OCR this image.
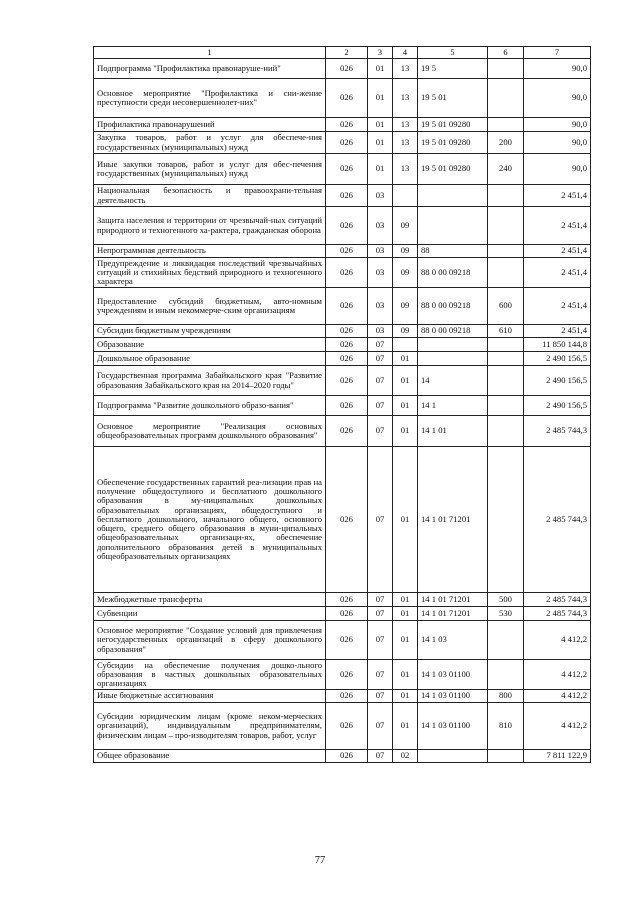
1	2	3	4	5	6	7
Подпрограмма "Профилактика правонаруше-ний"	026	01	13	19 5		90,0
Основное мероприятие "Профилактика и сни-жение преступности среди несовершеннолет-них"	026	01	13	19 5 01		90,0
Профилактика правонарушений	026	01	13	19 5 01 09280		90,0
Закупка товаров, работ и услуг для обеспече-ния государственных (муниципальных) нужд	026	01	13	19 5 01 09280	200	90,0
Иные закупки товаров, работ и услуг для обес-печения государственных (муниципальных) нужд	026	01	13	19 5 01 09280	240	90,0
Национальная безопасность и правоохрани-тельная деятельность	026	03				2 451,4
Защита населения и территории от чрезвычай-ных ситуаций природного и техногенного ха-рактера, гражданская оборона	026	03	09			2 451,4
Непрограммная деятельность	026	03	09	88		2 451,4
Предупреждение и ликвидация последствий чрезвычайных ситуаций и стихийных бедствий природного и техногенного характера	026	03	09	88 0 00 09218		2 451,4
Предоставление субсидий бюджетным, авто-номным учреждениям и иным некоммерче-ским организациям	026	03	09	88 0 00 09218	600	2 451,4
Субсидии бюджетным учреждениям	026	03	09	88 0 00 09218	610	2 451,4
Образование	026	07				11 850 144,8
Дошкольное образование	026	07	01			2 490 156,5
Государственная программа Забайкальского края "Развитие образования Забайкальского края на 2014–2020 годы"	026	07	01	14		2 490 156,5
Подпрограмма "Развитие дошкольного образо-вания"	026	07	01	14 1		2 490 156,5
Основное мероприятие "Реализация основных общеобразовательных программ дошкольного образования"	026	07	01	14 1 01		2 485 744,3
Обеспечение государственных гарантий реа-лизации прав на получение общедоступного и бесплатного дошкольного образования в му-ниципальных дошкольных образовательных организациях, общедоступного и бесплатного дошкольного, начального общего, основного общего, среднего общего образования в муни-ципальных общеобразовательных организаци-ях, обеспечение дополнительного образования детей в муниципальных общеобразовательных организациях	026	07	01	14 1 01 71201		2 485 744,3
Межбюджетные трансферты	026	07	01	14 1 01 71201	500	2 485 744,3
Субвенции	026	07	01	14 1 01 71201	530	2 485 744,3
Основное мероприятие "Создание условий для привлечения негосударственных организаций в сферу дошкольного образования"	026	07	01	14 1 03		4 412,2
Субсидии на обеспечение получения дошко-льного образования в частных дошкольных образовательных организациях	026	07	01	14 1 03 01100		4 412,2
Иные бюджетные ассигнования	026	07	01	14 1 03 01100	800	4 412,2
Субсидии юридическим лицам (кроме неком-мерческих организаций), индивидуальным предпринимателям, физическим лицам – про-изводителям товаров, работ, услуг	026	07	01	14 1 03 01100	810	4 412,2
Общее образование	026	07	02			7 811 122,9
77
